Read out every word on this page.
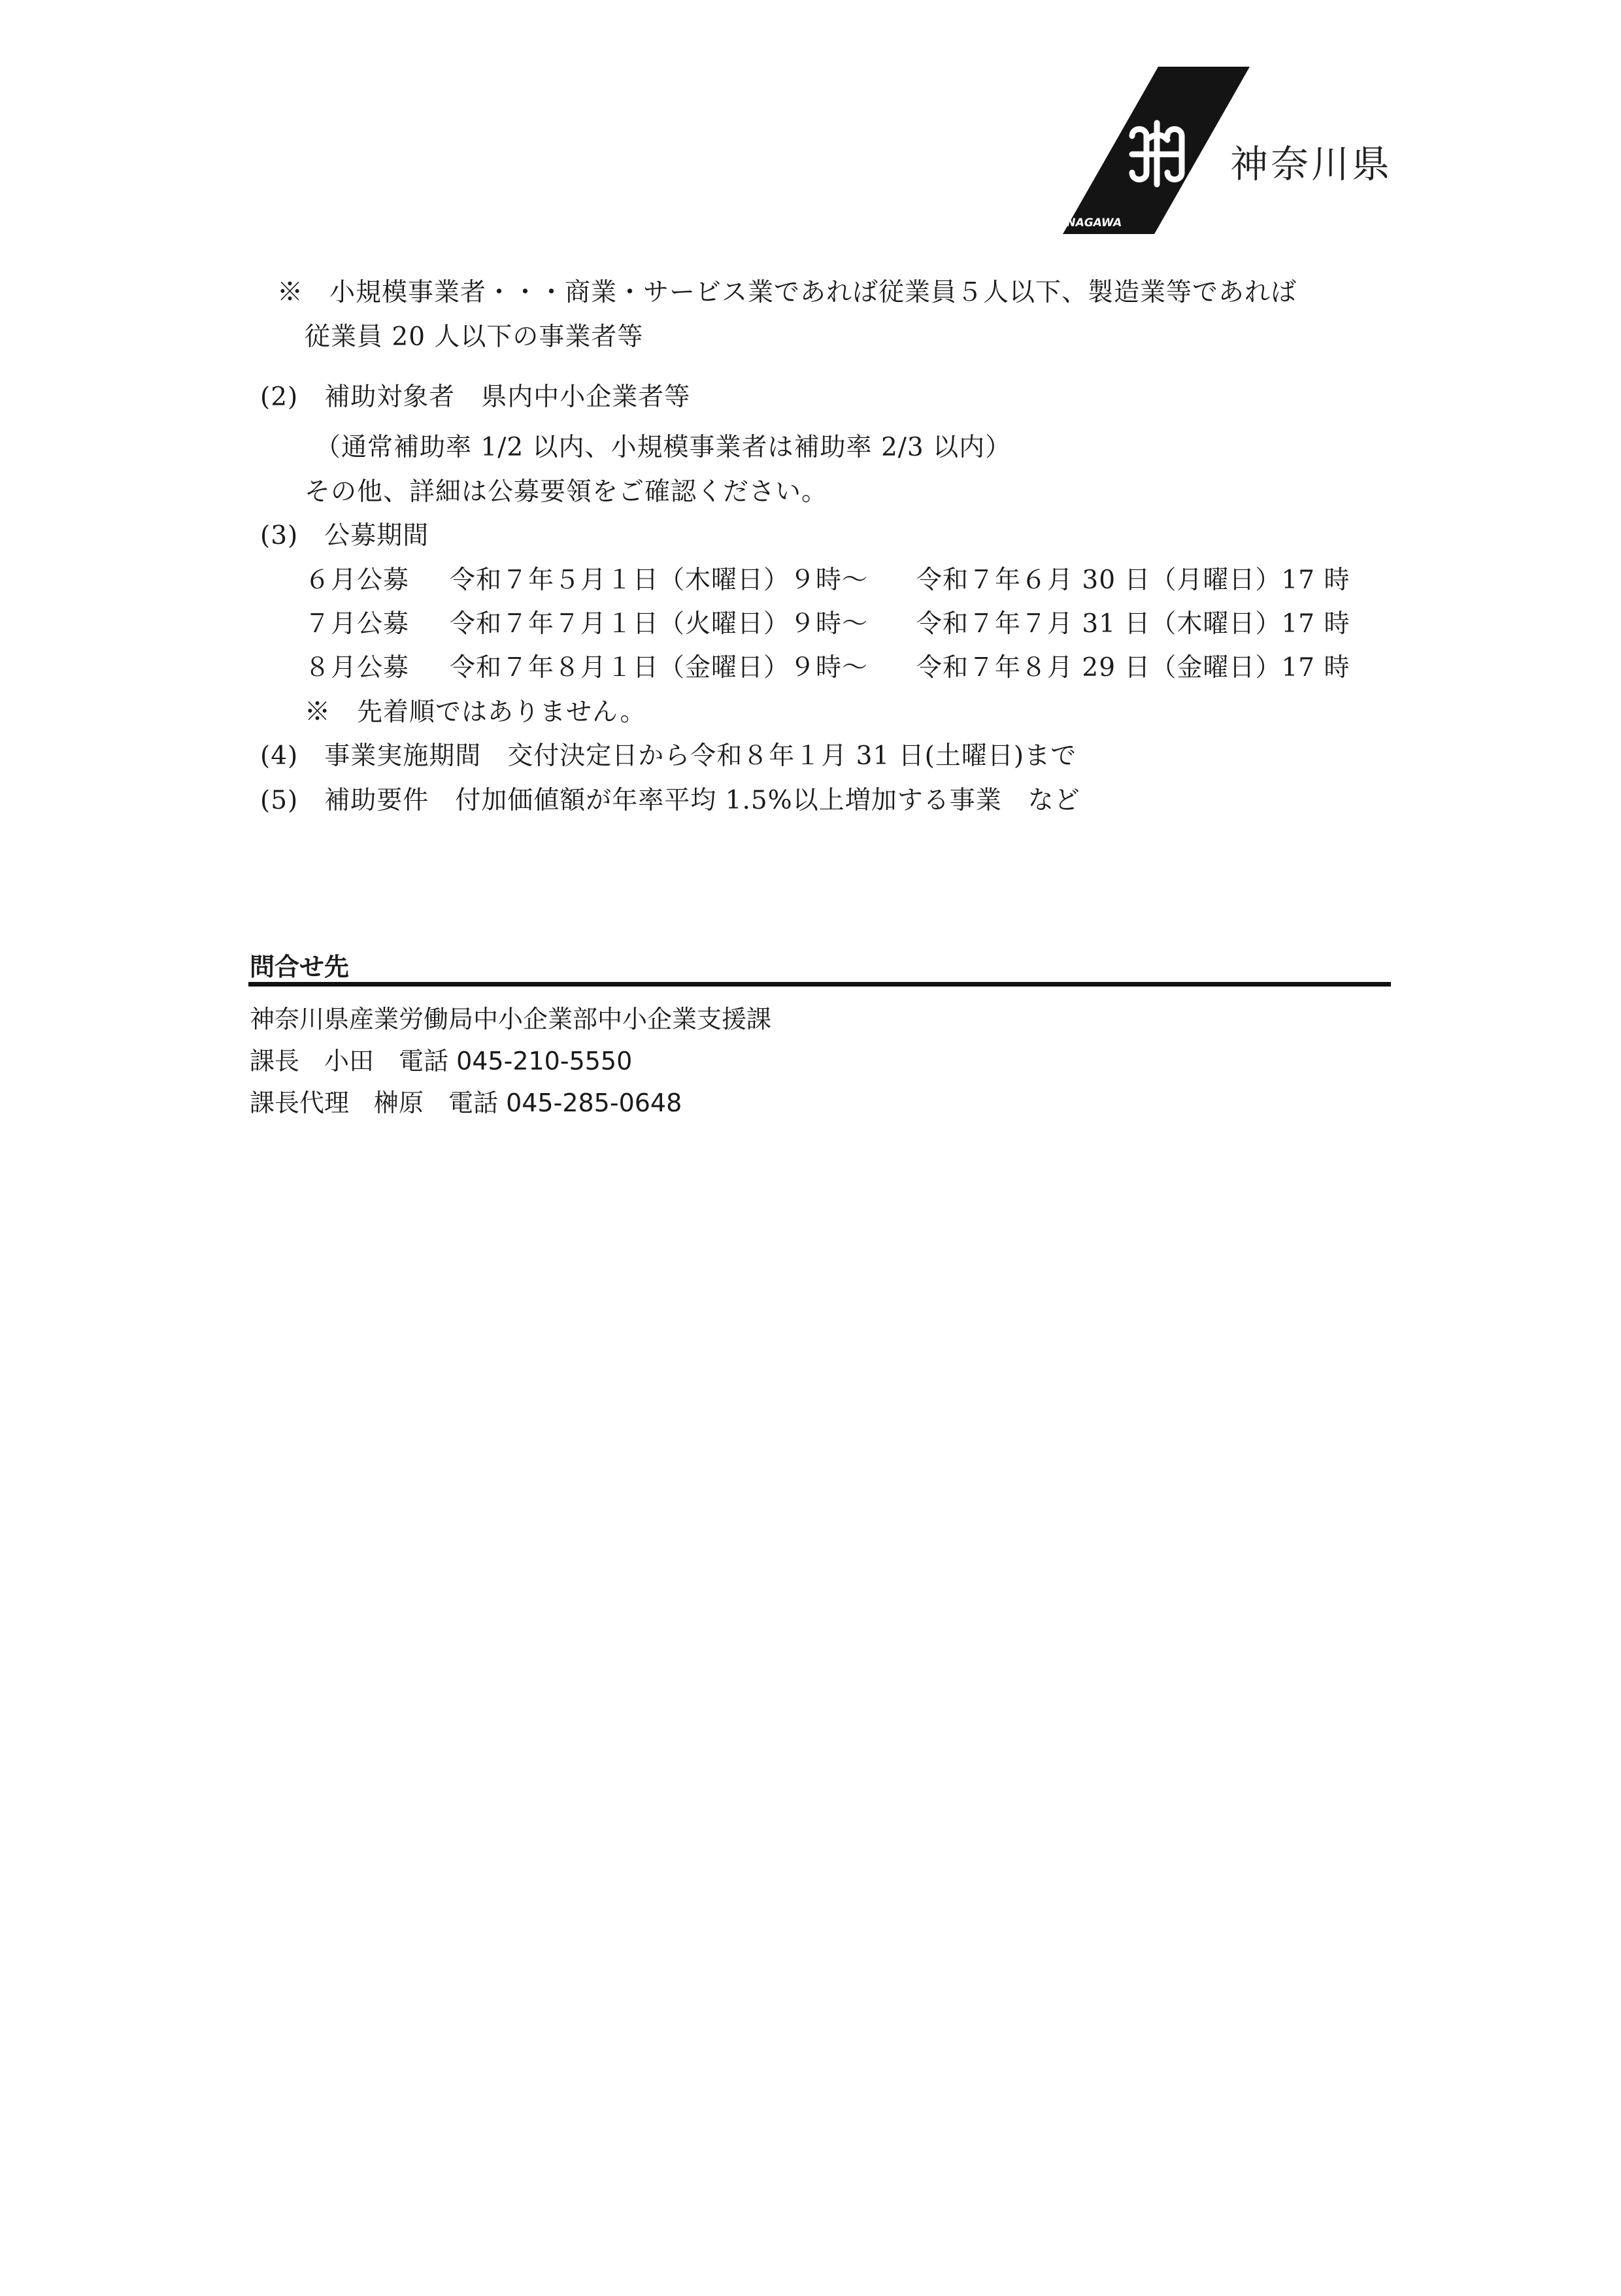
KANAGAWA
神奈川県
※　小規模事業者・・・商業・サービス業であれば従業員５人以下、製造業等であれば
従業員 20 人以下の事業者等
(2)　補助対象者　県内中小企業者等
（通常補助率 1/2 以内、小規模事業者は補助率 2/3 以内）
その他、詳細は公募要領をご確認ください。
(3)　公募期間
６月公募 令和７年５月１日（木曜日）９時～ 令和７年６月 30 日（月曜日）17 時
７月公募 令和７年７月１日（火曜日）９時～ 令和７年７月 31 日（木曜日）17 時
８月公募 令和７年８月１日（金曜日）９時～ 令和７年８月 29 日（金曜日）17 時
※　先着順ではありません。
(4)　事業実施期間　交付決定日から令和８年１月 31 日(土曜日)まで
(5)　補助要件　付加価値額が年率平均 1.5%以上増加する事業　など
問合せ先
神奈川県産業労働局中小企業部中小企業支援課
課長　小田　電話 045-210-5550
課長代理　榊原　電話 045-285-0648
